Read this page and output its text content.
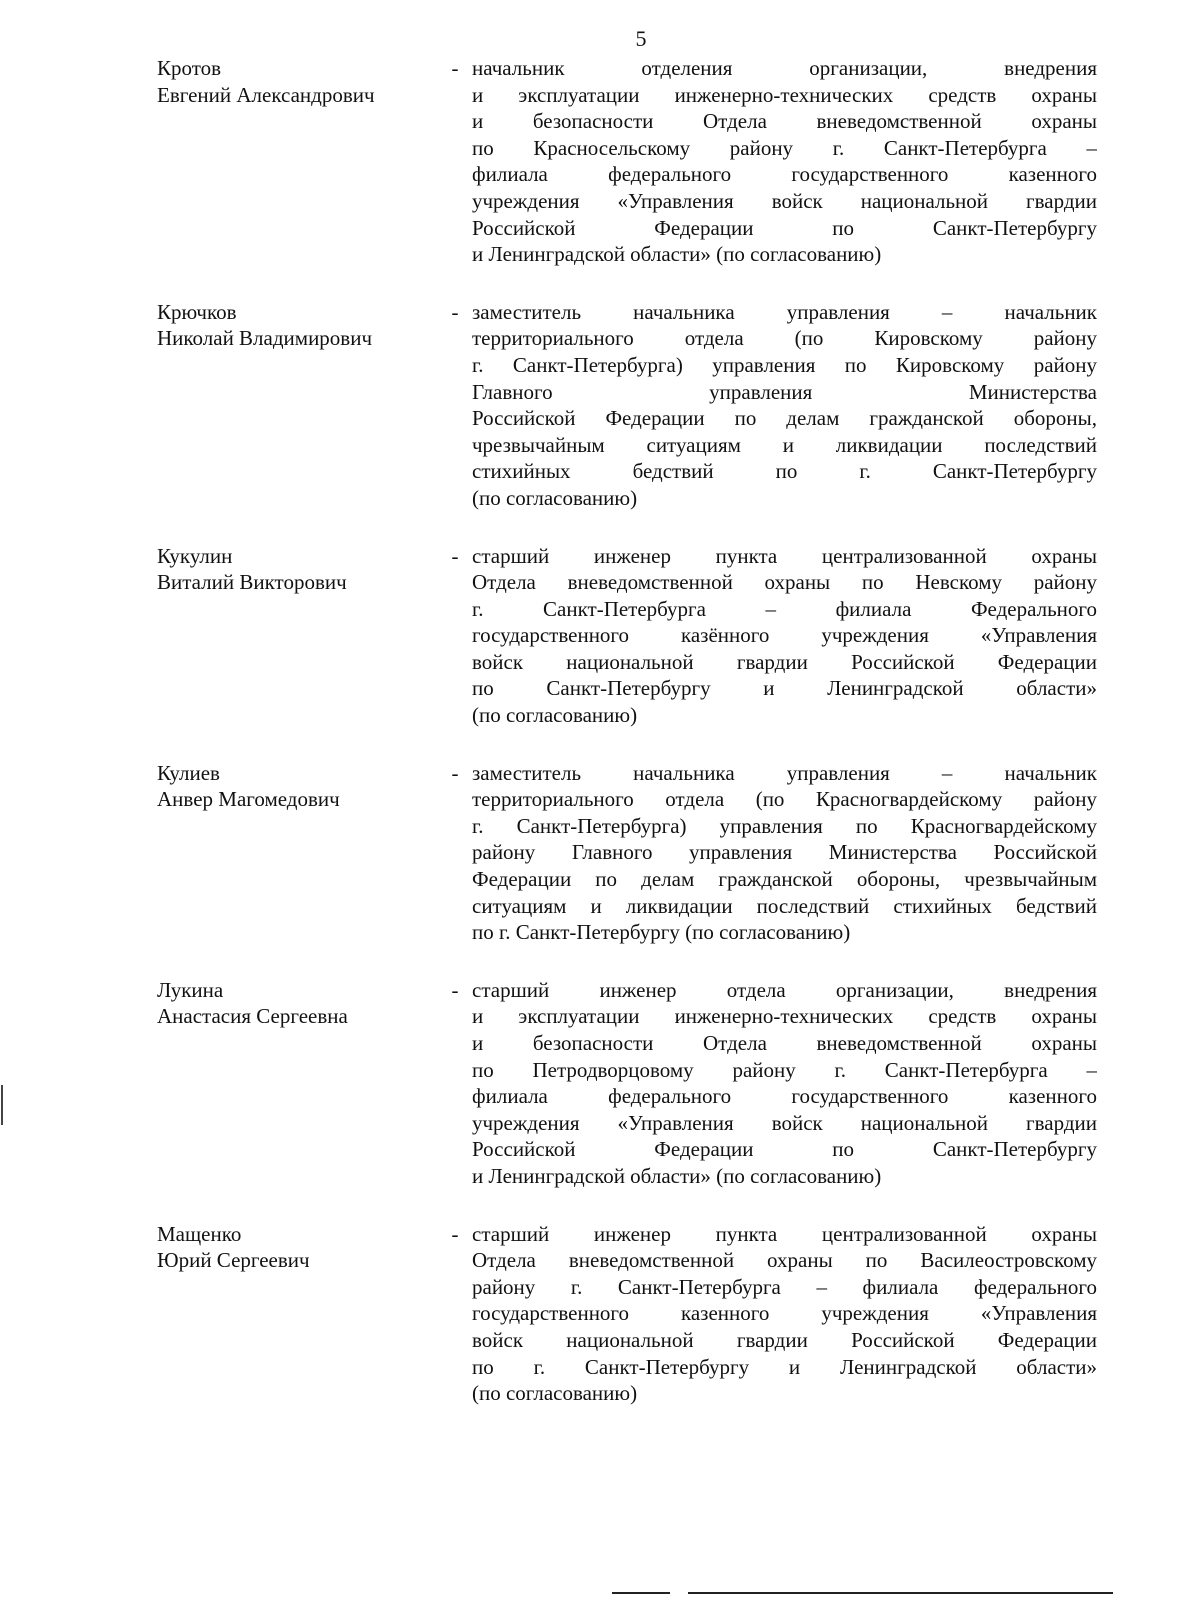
5
Кротов
Евгений Александрович
- начальник отделения организации, внедрения
и эксплуатации инженерно-технических средств охраны
и безопасности Отдела вневедомственной охраны
по Красносельскому району г. Санкт-Петербурга –
филиала федерального государственного казенного
учреждения «Управления войск национальной гвардии
Российской Федерации по Санкт-Петербургу
и Ленинградской области» (по согласованию)
Крючков
Николай Владимирович
- заместитель начальника управления – начальник
территориального отдела (по Кировскому району
г. Санкт-Петербурга) управления по Кировскому району
Главного управления Министерства
Российской Федерации по делам гражданской обороны,
чрезвычайным ситуациям и ликвидации последствий
стихийных бедствий по г. Санкт-Петербургу
(по согласованию)
Кукулин
Виталий Викторович
- старший инженер пункта централизованной охраны
Отдела вневедомственной охраны по Невскому району
г. Санкт-Петербурга – филиала Федерального
государственного казённого учреждения «Управления
войск национальной гвардии Российской Федерации
по Санкт-Петербургу и Ленинградской области»
(по согласованию)
Кулиев
Анвер Магомедович
- заместитель начальника управления – начальник
территориального отдела (по Красногвардейскому району
г. Санкт-Петербурга) управления по Красногвардейскому
району Главного управления Министерства Российской
Федерации по делам гражданской обороны, чрезвычайным
ситуациям и ликвидации последствий стихийных бедствий
по г. Санкт-Петербургу (по согласованию)
Лукина
Анастасия Сергеевна
- старший инженер отдела организации, внедрения
и эксплуатации инженерно-технических средств охраны
и безопасности Отдела вневедомственной охраны
по Петродворцовому району г. Санкт-Петербурга –
филиала федерального государственного казенного
учреждения «Управления войск национальной гвардии
Российской Федерации по Санкт-Петербургу
и Ленинградской области» (по согласованию)
Мащенко
Юрий Сергеевич
- старший инженер пункта централизованной охраны
Отдела вневедомственной охраны по Василеостровскому
району г. Санкт-Петербурга – филиала федерального
государственного казенного учреждения «Управления
войск национальной гвардии Российской Федерации
по г. Санкт-Петербургу и Ленинградской области»
(по согласованию)
